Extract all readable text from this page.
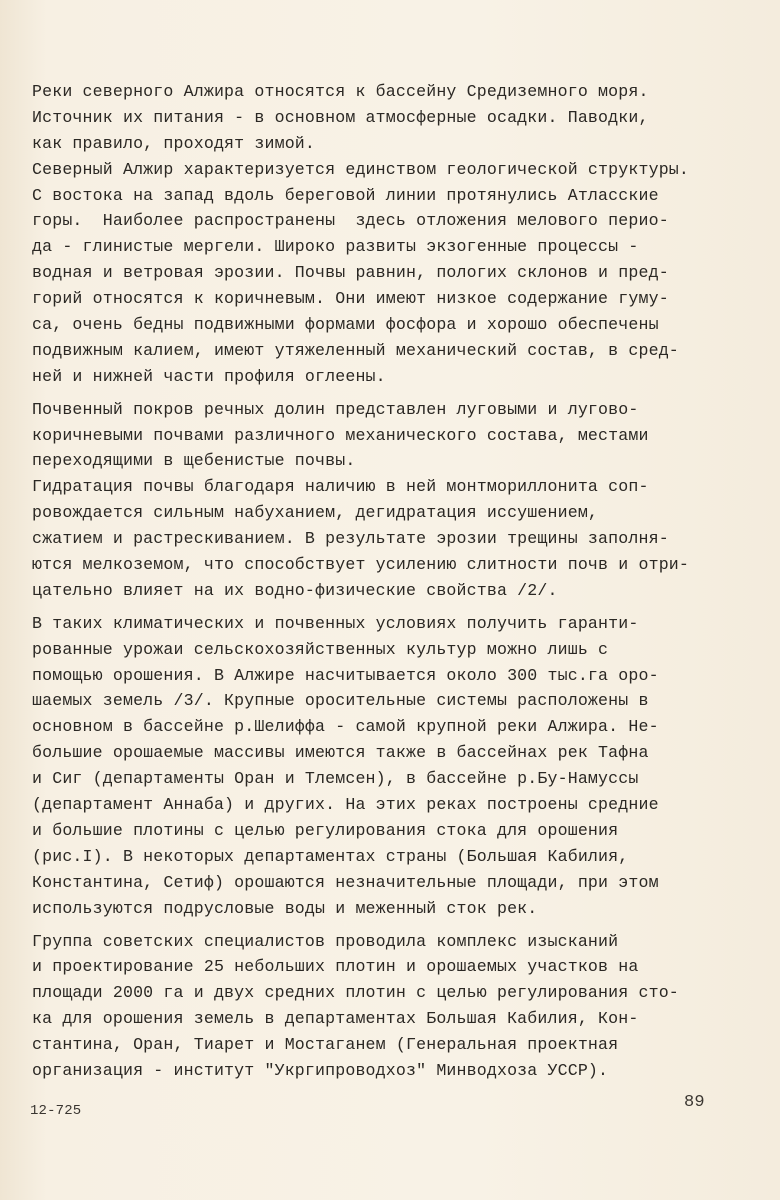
Реки северного Алжира относятся к бассейну Средиземного моря.
Источник их питания - в основном атмосферные осадки. Паводки,
как правило, проходят зимой.
Северный Алжир характеризуется единством геологической структуры.
С востока на запад вдоль береговой линии протянулись Атласские
горы.  Наиболее распространены  здесь отложения мелового перио-
да - глинистые мергели. Широко развиты экзогенные процессы -
водная и ветровая эрозии. Почвы равнин, пологих склонов и пред-
горий относятся к коричневым. Они имеют низкое содержание гуму-
са, очень бедны подвижными формами фосфора и хорошо обеспечены
подвижным калием, имеют утяжеленный механический состав, в сред-
ней и нижней части профиля оглеены.
Почвенный покров речных долин представлен луговыми и лугово-
коричневыми почвами различного механического состава, местами
переходящими в щебенистые почвы.
Гидратация почвы благодаря наличию в ней монтмориллонита соп-
ровождается сильным набуханием, дегидратация иссушением,
сжатием и растрескиванием. В результате эрозии трещины заполня-
ются мелкоземом, что способствует усилению слитности почв и отри-
цательно влияет на их водно-физические свойства /2/.
В таких климатических и почвенных условиях получить гаранти-
рованные урожаи сельскохозяйственных культур можно лишь с
помощью орошения. В Алжире насчитывается около 300 тыс.га оро-
шаемых земель /3/. Крупные оросительные системы расположены в
основном в бассейне р.Шелиффа - самой крупной реки Алжира. Не-
большие орошаемые массивы имеются также в бассейнах рек Тафна
и Сиг (департаменты Оран и Тлемсен), в бассейне р.Бу-Намуссы
(департамент Аннаба) и других. На этих реках построены средние
и большие плотины с целью регулирования стока для орошения
(рис.I). В некоторых департаментах страны (Большая Кабилия,
Константина, Сетиф) орошаются незначительные площади, при этом
используются подрусловые воды и меженный сток рек.
Группа советских специалистов проводила комплекс изысканий
и проектирование 25 небольших плотин и орошаемых участков на
площади 2000 га и двух средних плотин с целью регулирования сто-
ка для орошения земель в департаментах Большая Кабилия, Кон-
стантина, Оран, Тиарет и Мостаганем (Генеральная проектная
организация - институт "Укргипроводхоз" Минводхоза УССР).
12-725	89
